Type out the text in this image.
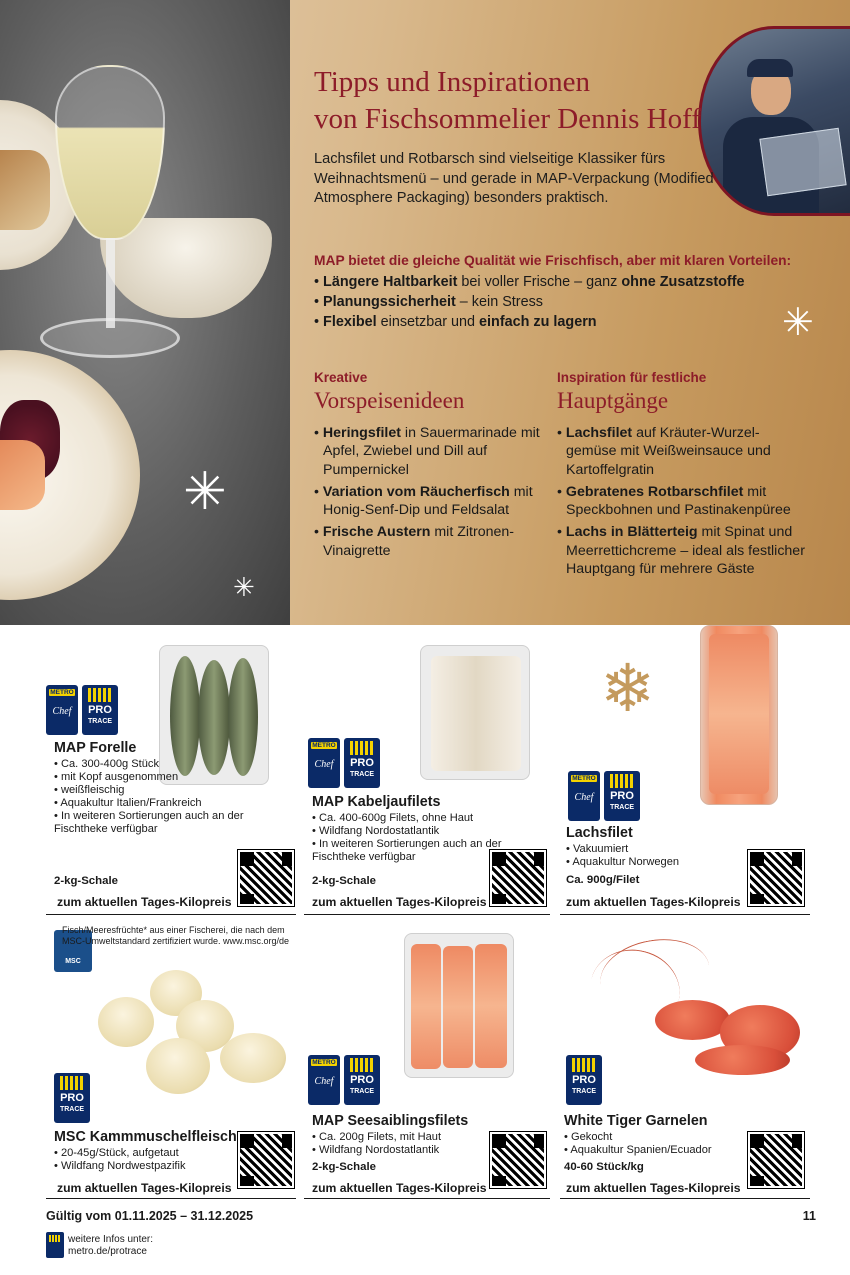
✳
✳
✳
Tipps und Inspirationen
von Fischsommelier Dennis Hoff
Lachsfilet und Rotbarsch sind vielseitige Klassiker fürs Weihnachtsmenü – und gerade in MAP-Verpackung (Modified Atmosphere Packaging) besonders praktisch.
MAP bietet die gleiche Qualität wie Frischfisch, aber mit klaren Vorteilen:
• Längere Haltbarkeit bei voller Frische – ganz ohne Zusatzstoffe
• Planungssicherheit – kein Stress
• Flexibel einsetzbar und einfach zu lagern
Kreative
Vorspeisenideen
• Heringsfilet in Sauermarinade mit Apfel, Zwiebel und Dill auf Pumpernickel
• Variation vom Räucherfisch mit Honig-Senf-Dip und Feldsalat
• Frische Austern mit Zitronen-Vinaigrette
Inspiration für festliche
Hauptgänge
• Lachsfilet auf Kräuter-Wurzel-gemüse mit Weißweinsauce und Kartoffelgratin
• Gebratenes Rotbarschfilet mit Speckbohnen und Pastinakenpüree
• Lachs in Blätterteig mit Spinat und Meerrettichcreme – ideal als festlicher Hauptgang für mehrere Gäste
METRO
Chef	PRO
TRACE
MAP Forelle
• Ca. 300-400g Stück
• mit Kopf ausgenommen
• weißfleischig
• Aquakultur Italien/Frankreich
• In weiteren Sortierungen auch an der Fischtheke verfügbar
2-kg-Schale
zum aktuellen Tages-Kilopreis
METRO
Chef	PRO
TRACE
MAP Kabeljaufilets
• Ca. 400-600g Filets, ohne Haut
• Wildfang Nordostatlantik
• In weiteren Sortierungen auch an der Fischtheke verfügbar
2-kg-Schale
zum aktuellen Tages-Kilopreis
❄
METRO
Chef	PRO
TRACE
Lachsfilet
• Vakuumiert
• Aquakultur Norwegen
Ca. 900g/Filet
zum aktuellen Tages-Kilopreis
MSC
Fisch/Meeresfrüchte* aus einer Fischerei, die nach dem MSC-Umweltstandard zertifiziert wurde. www.msc.org/de
PRO
TRACE
MSC Kammmuschelfleisch
• 20-45g/Stück, aufgetaut
• Wildfang Nordwestpazifik
zum aktuellen Tages-Kilopreis
METRO
Chef	PRO
TRACE
MAP Seesaiblingsfilets
• Ca. 200g Filets, mit Haut
• Wildfang Nordostatlantik
2-kg-Schale
zum aktuellen Tages-Kilopreis
PRO
TRACE
White Tiger Garnelen
• Gekocht
• Aquakultur Spanien/Ecuador
40-60 Stück/kg
zum aktuellen Tages-Kilopreis
Gültig vom 01.11.2025 – 31.12.2025	11
weitere Infos unter:
metro.de/protrace
